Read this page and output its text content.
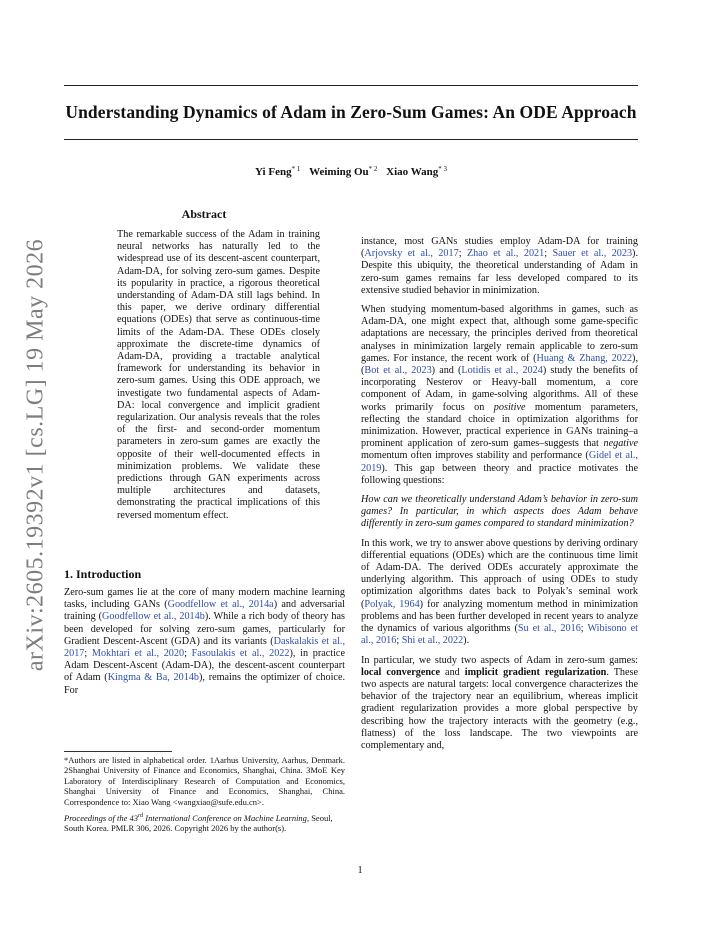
arXiv:2605.19392v1 [cs.LG] 19 May 2026
Understanding Dynamics of Adam in Zero-Sum Games: An ODE Approach
Yi Feng$^{* 1}$ Weiming Ou$^{* 2}$ Xiao Wang$^{* 3}$
Abstract
The remarkable success of the Adam in training neural networks has naturally led to the widespread use of its descent-ascent counterpart, Adam-DA, for solving zero-sum games. Despite its popularity in practice, a rigorous theoretical understanding of Adam-DA still lags behind. In this paper, we derive ordinary differential equations (ODEs) that serve as continuous-time limits of the Adam-DA. These ODEs closely approximate the discrete-time dynamics of Adam-DA, providing a tractable analytical framework for understanding its behavior in zero-sum games. Using this ODE approach, we investigate two fundamental aspects of Adam-DA: local convergence and implicit gradient regularization. Our analysis reveals that the roles of the first- and second-order momentum parameters in zero-sum games are exactly the opposite of their well-documented effects in minimization problems. We validate these predictions through GAN experiments across multiple architectures and datasets, demonstrating the practical implications of this reversed momentum effect.
1. Introduction

Zero-sum games lie at the core of many modern machine learning tasks, including GANs (Goodfellow et al., 2014a) and adversarial training (Goodfellow et al., 2014b). While a rich body of theory has been developed for solving zero-sum games, particularly for Gradient Descent-Ascent (GDA) and its variants (Daskalakis et al., 2017; Mokhtari et al., 2020; Fasoulakis et al., 2022), in practice Adam Descent-Ascent (Adam-DA), the descent-ascent counterpart of Adam (Kingma & Ba, 2014b), remains the optimizer of choice. For

*Authors are listed in alphabetical order. 1Aarhus University, Aarhus, Denmark. 2Shanghai University of Finance and Economics, Shanghai, China. 3MoE Key Laboratory of Interdisciplinary Research of Computation and Economics, Shanghai University of Finance and Economics, Shanghai, China. Correspondence to: Xiao Wang <wangxiao@sufe.edu.cn>.
Proceedings of the 43rd International Conference on Machine Learning, Seoul, South Korea. PMLR 306, 2026. Copyright 2026 by the author(s).

instance, most GANs studies employ Adam-DA for training (Arjovsky et al., 2017; Zhao et al., 2021; Sauer et al., 2023). Despite this ubiquity, the theoretical understanding of Adam in zero-sum games remains far less developed compared to its extensive studied behavior in minimization.

When studying momentum-based algorithms in games, such as Adam-DA, one might expect that, although some game-specific adaptations are necessary, the principles derived from theoretical analyses in minimization largely remain applicable to zero-sum games. For instance, the recent work of (Huang & Zhang, 2022), (Bot et al., 2023) and (Lotidis et al., 2024) study the benefits of incorporating Nesterov or Heavy-ball momentum, a core component of Adam, in game-solving algorithms. All of these works primarily focus on positive momentum parameters, reflecting the standard choice in optimization algorithms for minimization. However, practical experience in GANs training–a prominent application of zero-sum games–suggests that negative momentum often improves stability and performance (Gidel et al., 2019). This gap between theory and practice motivates the following questions:

How can we theoretically understand Adam’s behavior in zero-sum games? In particular, in which aspects does Adam behave differently in zero-sum games compared to standard minimization?

In this work, we try to answer above questions by deriving ordinary differential equations (ODEs) which are the continuous time limit of Adam-DA. The derived ODEs accurately approximate the underlying algorithm. This approach of using ODEs to study optimization algorithms dates back to Polyak’s seminal work (Polyak, 1964) for analyzing momentum method in minimization problems and has been further developed in recent years to analyze the dynamics of various algorithms (Su et al., 2016; Wibisono et al., 2016; Shi et al., 2022).

In particular, we study two aspects of Adam in zero-sum games: local convergence and implicit gradient regularization. These two aspects are natural targets: local convergence characterizes the behavior of the trajectory near an equilibrium, whereas implicit gradient regularization provides a more global perspective by describing how the trajectory interacts with the geometry (e.g., flatness) of the loss landscape. The two viewpoints are complementary and,

1
